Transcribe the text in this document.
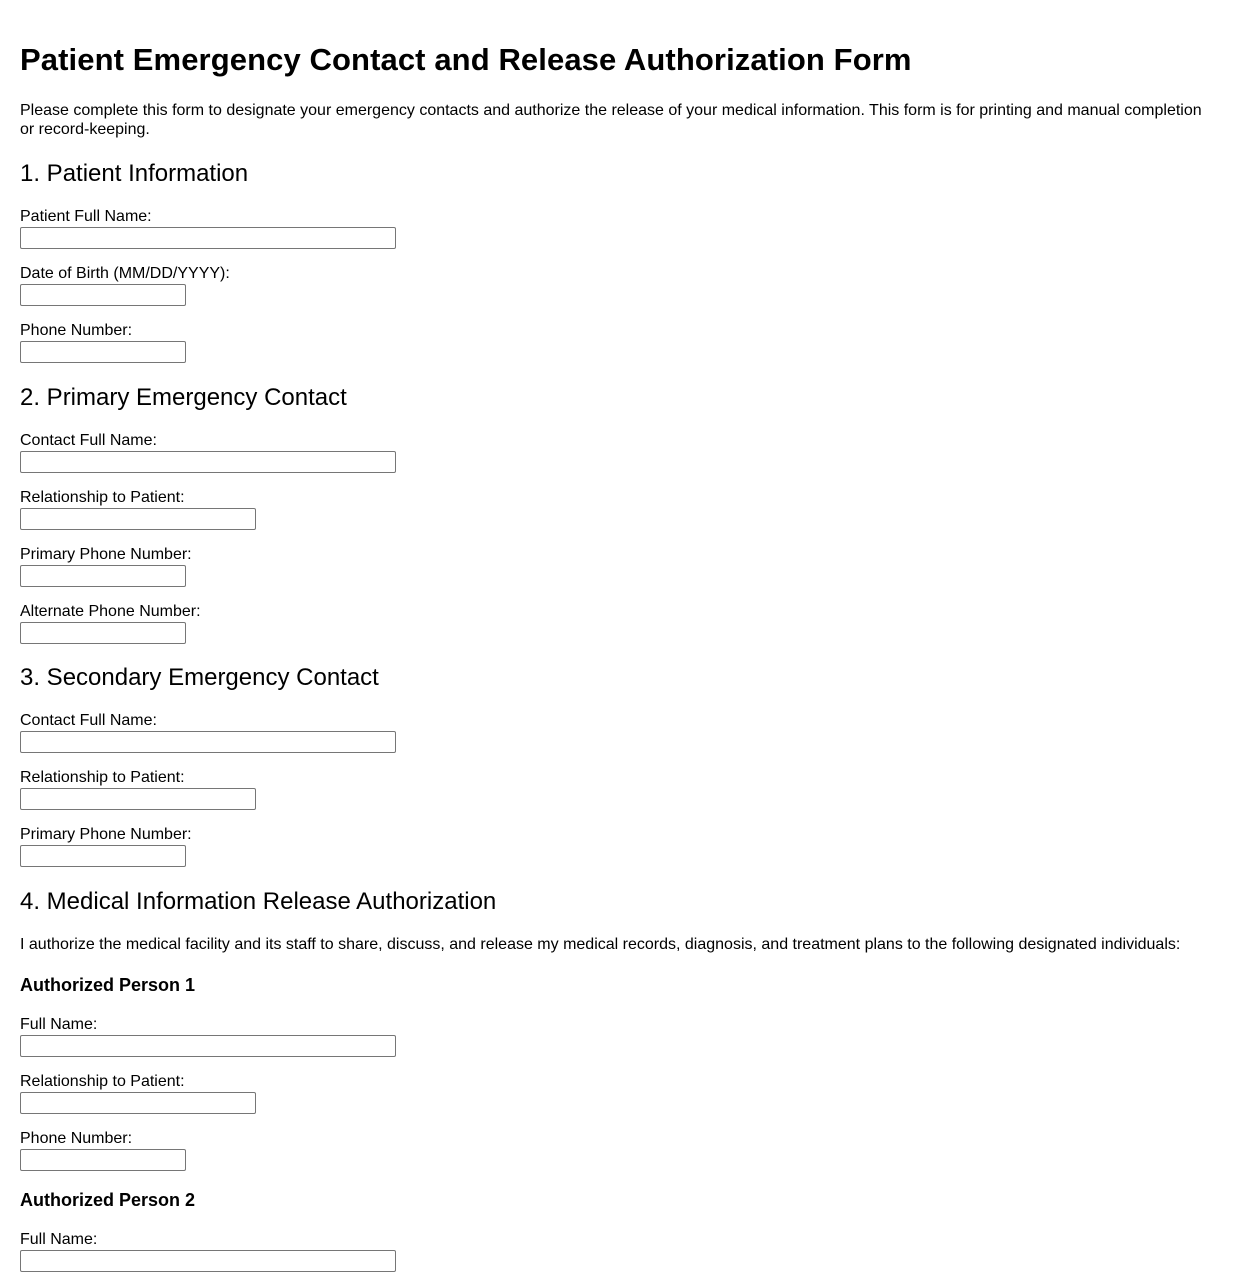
Patient Emergency Contact and Release Authorization Form

Please complete this form to designate your emergency contacts and authorize the release of your medical information. This form is for printing and manual completion or record-keeping.

1. Patient Information
Patient Full Name:
Date of Birth (MM/DD/YYYY):
Phone Number:
2. Primary Emergency Contact
Contact Full Name:
Relationship to Patient:
Primary Phone Number:
Alternate Phone Number:
3. Secondary Emergency Contact
Contact Full Name:
Relationship to Patient:
Primary Phone Number:
4. Medical Information Release Authorization
I authorize the medical facility and its staff to share, discuss, and release my medical records, diagnosis, and treatment plans to the following designated individuals:
Authorized Person 1
Full Name:
Relationship to Patient:
Phone Number:
Authorized Person 2
Full Name:
